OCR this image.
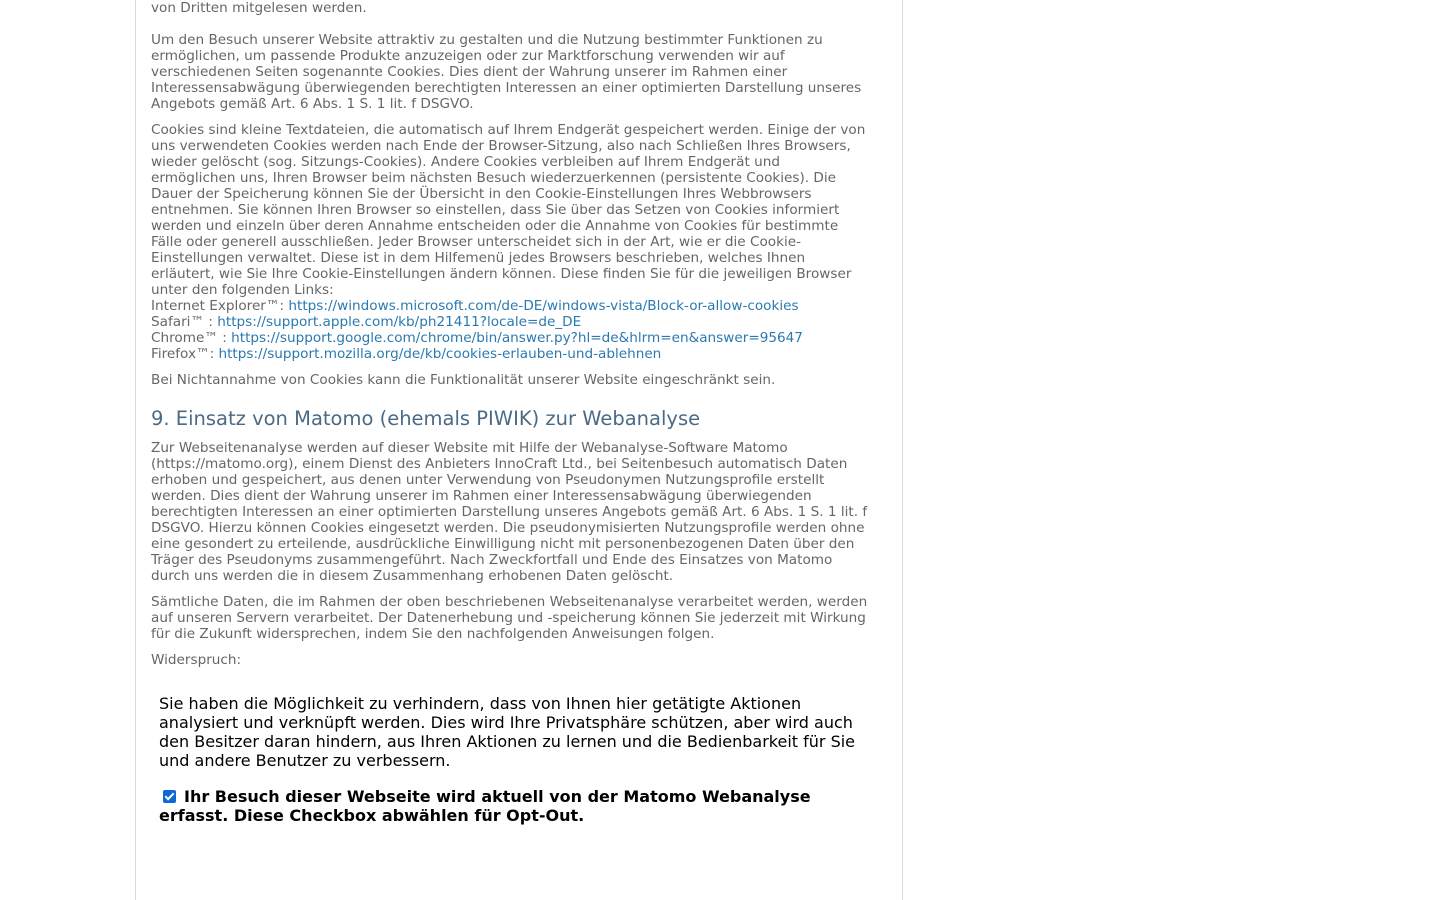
von Dritten mitgelesen werden.

Um den Besuch unserer Website attraktiv zu gestalten und die Nutzung bestimmter Funktionen zu
ermöglichen, um passende Produkte anzuzeigen oder zur Marktforschung verwenden wir auf
verschiedenen Seiten sogenannte Cookies. Dies dient der Wahrung unserer im Rahmen einer
Interessensabwägung überwiegenden berechtigten Interessen an einer optimierten Darstellung unseres
Angebots gemäß Art. 6 Abs. 1 S. 1 lit. f DSGVO.

Cookies sind kleine Textdateien, die automatisch auf Ihrem Endgerät gespeichert werden. Einige der von
uns verwendeten Cookies werden nach Ende der Browser-Sitzung, also nach Schließen Ihres Browsers,
wieder gelöscht (sog. Sitzungs-Cookies). Andere Cookies verbleiben auf Ihrem Endgerät und
ermöglichen uns, Ihren Browser beim nächsten Besuch wiederzuerkennen (persistente Cookies). Die
Dauer der Speicherung können Sie der Übersicht in den Cookie-Einstellungen Ihres Webbrowsers
entnehmen. Sie können Ihren Browser so einstellen, dass Sie über das Setzen von Cookies informiert
werden und einzeln über deren Annahme entscheiden oder die Annahme von Cookies für bestimmte
Fälle oder generell ausschließen. Jeder Browser unterscheidet sich in der Art, wie er die Cookie-
Einstellungen verwaltet. Diese ist in dem Hilfemenü jedes Browsers beschrieben, welches Ihnen
erläutert, wie Sie Ihre Cookie-Einstellungen ändern können. Diese finden Sie für die jeweiligen Browser
unter den folgenden Links:
Internet Explorer™: https://windows.microsoft.com/de-DE/windows-vista/Block-or-allow-cookies
Safari™ : https://support.apple.com/kb/ph21411?locale=de_DE
Chrome™ : https://support.google.com/chrome/bin/answer.py?hl=de&hlrm=en&answer=95647
Firefox™: https://support.mozilla.org/de/kb/cookies-erlauben-und-ablehnen

Bei Nichtannahme von Cookies kann die Funktionalität unserer Website eingeschränkt sein.

9. Einsatz von Matomo (ehemals PIWIK) zur Webanalyse

Zur Webseitenanalyse werden auf dieser Website mit Hilfe der Webanalyse-Software Matomo
(https://matomo.org), einem Dienst des Anbieters InnoCraft Ltd., bei Seitenbesuch automatisch Daten
erhoben und gespeichert, aus denen unter Verwendung von Pseudonymen Nutzungsprofile erstellt
werden. Dies dient der Wahrung unserer im Rahmen einer Interessensabwägung überwiegenden
berechtigten Interessen an einer optimierten Darstellung unseres Angebots gemäß Art. 6 Abs. 1 S. 1 lit. f
DSGVO. Hierzu können Cookies eingesetzt werden. Die pseudonymisierten Nutzungsprofile werden ohne
eine gesondert zu erteilende, ausdrückliche Einwilligung nicht mit personenbezogenen Daten über den
Träger des Pseudonyms zusammengeführt. Nach Zweckfortfall und Ende des Einsatzes von Matomo
durch uns werden die in diesem Zusammenhang erhobenen Daten gelöscht.

Sämtliche Daten, die im Rahmen der oben beschriebenen Webseitenanalyse verarbeitet werden, werden
auf unseren Servern verarbeitet. Der Datenerhebung und -speicherung können Sie jederzeit mit Wirkung
für die Zukunft widersprechen, indem Sie den nachfolgenden Anweisungen folgen.

Widerspruch:

Sie haben die Möglichkeit zu verhindern, dass von Ihnen hier getätigte Aktionen
analysiert und verknüpft werden. Dies wird Ihre Privatsphäre schützen, aber wird auch
den Besitzer daran hindern, aus Ihren Aktionen zu lernen und die Bedienbarkeit für Sie
und andere Benutzer zu verbessern.

Ihr Besuch dieser Webseite wird aktuell von der Matomo Webanalyse
erfasst. Diese Checkbox abwählen für Opt-Out.
